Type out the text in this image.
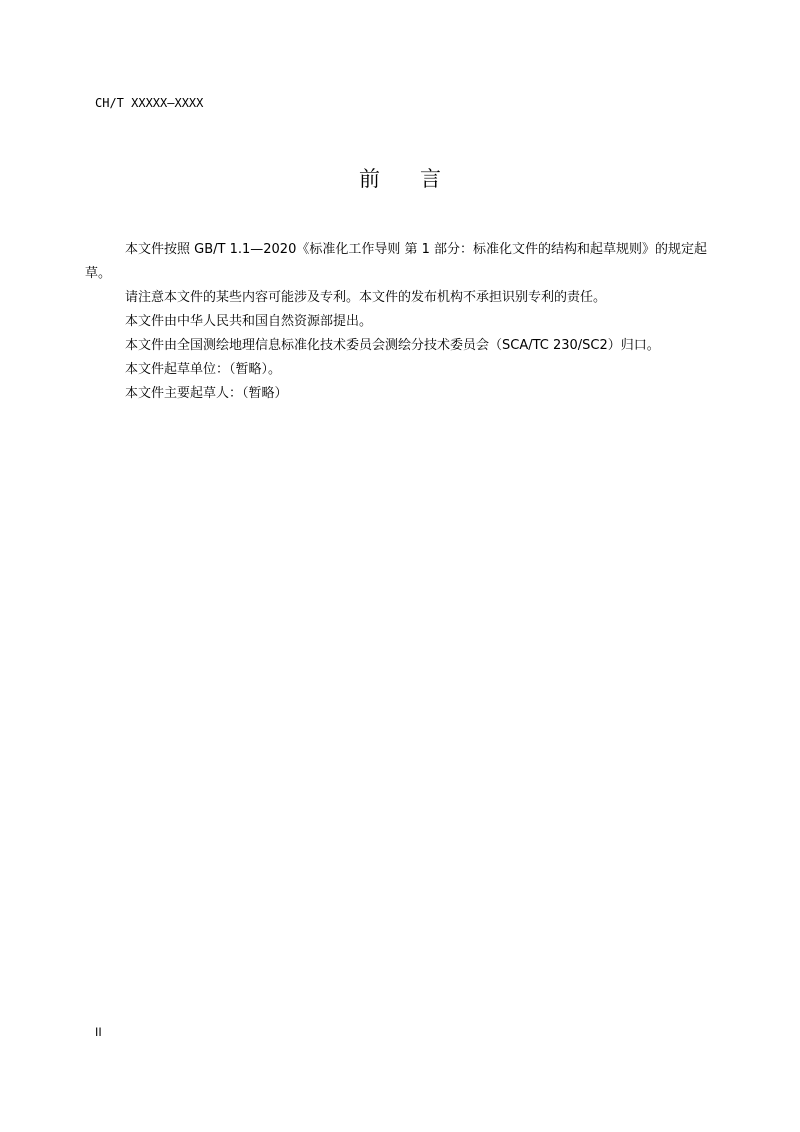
CH/T XXXXX—XXXX
前 言

本文件按照 GB/T 1.1—2020《标准化工作导则 第 1 部分：标准化文件的结构和起草规则》的规定起草。

请注意本文件的某些内容可能涉及专利。本文件的发布机构不承担识别专利的责任。

本文件由中华人民共和国自然资源部提出。

本文件由全国测绘地理信息标准化技术委员会测绘分技术委员会（SCA/TC 230/SC2）归口。

本文件起草单位：（暂略）。

本文件主要起草人：（暂略）

II
